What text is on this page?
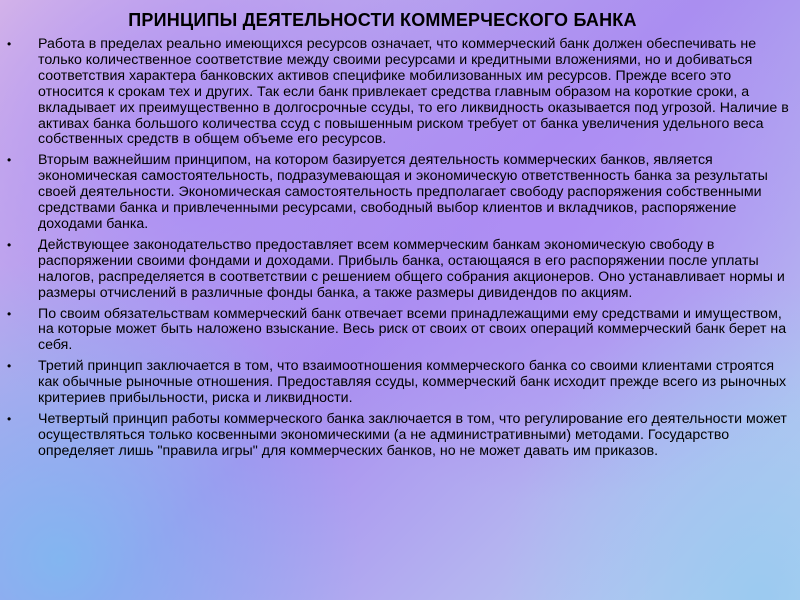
ПРИНЦИПЫ ДЕЯТЕЛЬНОСТИ КОММЕРЧЕСКОГО БАНКА
• Работа в пределах реально имеющихся ресурсов означает, что коммерческий банк должен обеспечивать не только количественное соответствие между своими ресурсами и кредитными вложениями, но и добиваться соответствия характера банковских активов специфике мобилизованных им ресурсов. Прежде всего это относится к срокам тех и других. Так если банк привлекает средства главным образом на короткие сроки, а вкладывает их преимущественно в долгосрочные ссуды, то его ликвидность оказывается под угрозой. Наличие в активах банка большого количества ссуд с повышенным риском требует от банка увеличения удельного веса собственных средств в общем объеме его ресурсов.
• Вторым важнейшим принципом, на котором базируется деятельность коммерческих банков, является экономическая самостоятельность, подразумевающая и экономическую ответственность банка за результаты своей деятельности. Экономическая самостоятельность предполагает свободу распоряжения собственными средствами банка и привлеченными ресурсами, свободный выбор клиентов и вкладчиков, распоряжение доходами банка.
• Действующее законодательство предоставляет всем коммерческим банкам экономическую свободу в распоряжении своими фондами и доходами. Прибыль банка, остающаяся в его распоряжении после уплаты налогов, распределяется в соответствии с решением общего собрания акционеров. Оно устанавливает нормы и размеры отчислений в различные фонды банка, а также размеры дивидендов по акциям.
• По своим обязательствам коммерческий банк отвечает всеми принадлежащими ему средствами и имуществом, на которые может быть наложено взыскание. Весь риск от своих от своих операций коммерческий банк берет на себя.
• Третий принцип заключается в том, что взаимоотношения коммерческого банка со своими клиентами строятся как обычные рыночные отношения. Предоставляя ссуды, коммерческий банк исходит прежде всего из рыночных критериев прибыльности, риска и ликвидности.
• Четвертый принцип работы коммерческого банка заключается в том, что регулирование его деятельности может осуществляться только косвенными экономическими (а не административными) методами. Государство определяет лишь "правила игры" для коммерческих банков, но не может давать им приказов.
